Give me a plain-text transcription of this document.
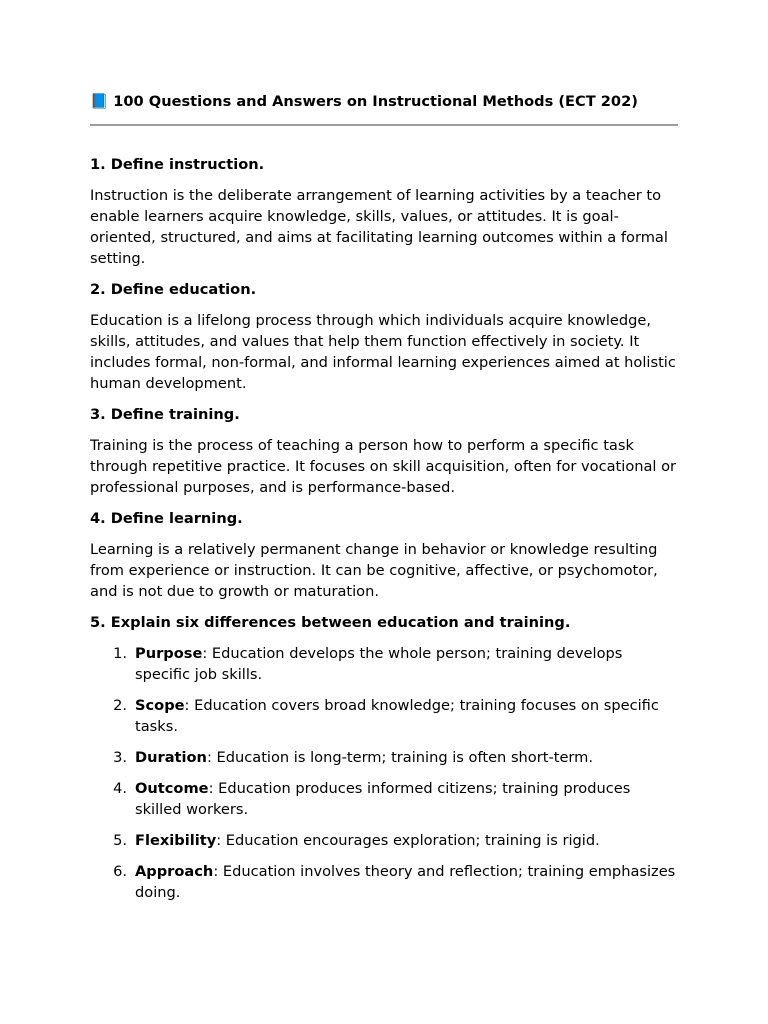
📘 100 Questions and Answers on Instructional Methods (ECT 202)

1. Define instruction.

Instruction is the deliberate arrangement of learning activities by a teacher to enable learners acquire knowledge, skills, values, or attitudes. It is goal-oriented, structured, and aims at facilitating learning outcomes within a formal setting.

2. Define education.

Education is a lifelong process through which individuals acquire knowledge, skills, attitudes, and values that help them function effectively in society. It includes formal, non-formal, and informal learning experiences aimed at holistic human development.

3. Define training.

Training is the process of teaching a person how to perform a specific task through repetitive practice. It focuses on skill acquisition, often for vocational or professional purposes, and is performance-based.

4. Define learning.

Learning is a relatively permanent change in behavior or knowledge resulting from experience or instruction. It can be cognitive, affective, or psychomotor, and is not due to growth or maturation.

5. Explain six differences between education and training.

1. Purpose: Education develops the whole person; training develops specific job skills.
2. Scope: Education covers broad knowledge; training focuses on specific tasks.
3. Duration: Education is long-term; training is often short-term.
4. Outcome: Education produces informed citizens; training produces skilled workers.
5. Flexibility: Education encourages exploration; training is rigid.
6. Approach: Education involves theory and reflection; training emphasizes doing.
